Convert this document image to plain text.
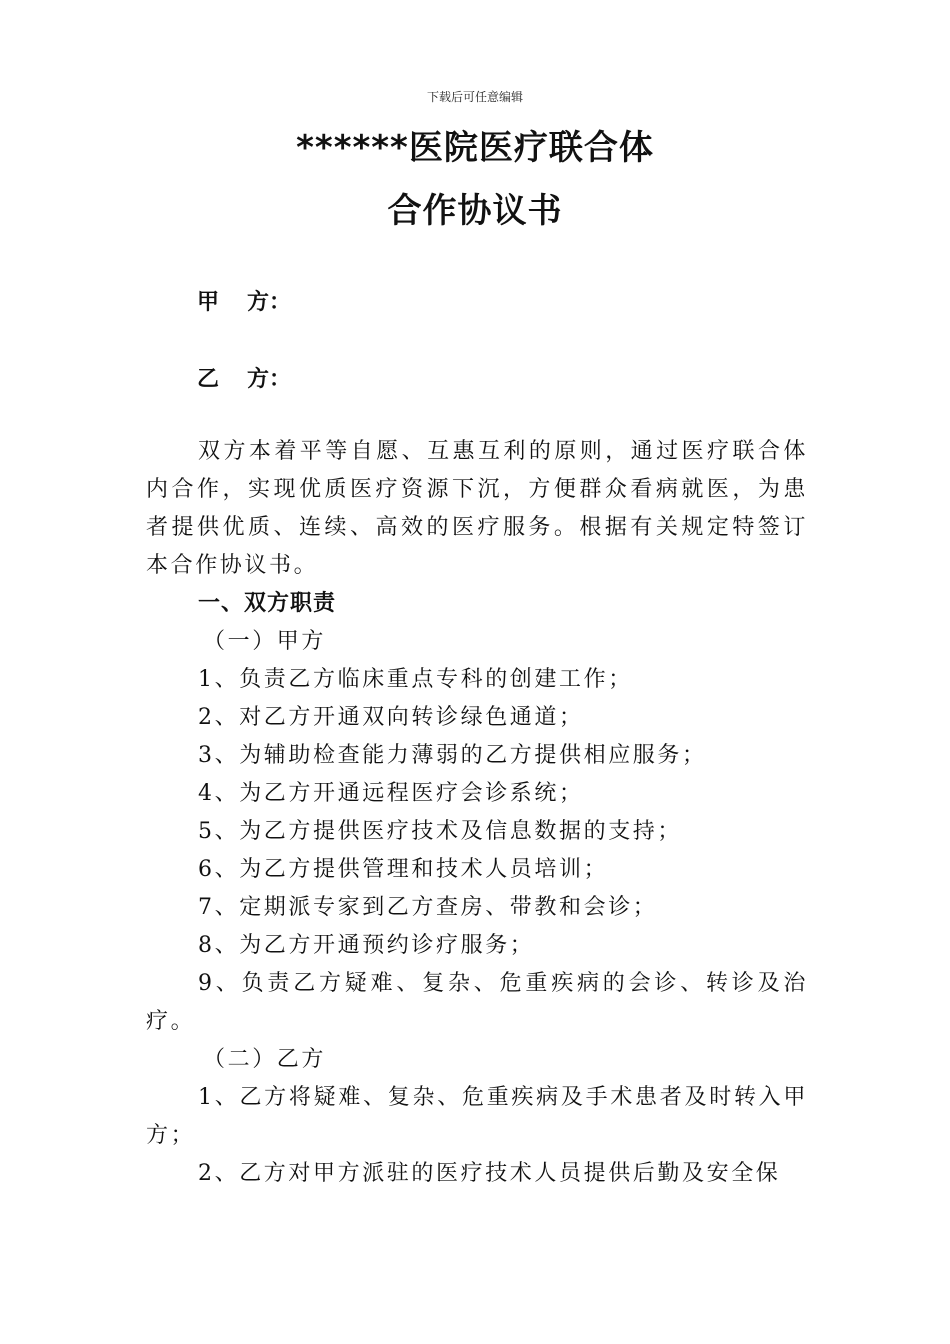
下载后可任意编辑
******医院医疗联合体
合作协议书
甲 方：
乙 方：

双方本着平等自愿、互惠互利的原则，通过医疗联合体内合作，实现优质医疗资源下沉，方便群众看病就医，为患者提供优质、连续、高效的医疗服务。根据有关规定特签订本合作协议书。

一、双方职责

（一）甲方

1、负责乙方临床重点专科的创建工作；

2、对乙方开通双向转诊绿色通道；

3、为辅助检查能力薄弱的乙方提供相应服务；

4、为乙方开通远程医疗会诊系统；

5、为乙方提供医疗技术及信息数据的支持；

6、为乙方提供管理和技术人员培训；

7、定期派专家到乙方查房、带教和会诊；

8、为乙方开通预约诊疗服务；

9、负责乙方疑难、复杂、危重疾病的会诊、转诊及治疗。

（二）乙方

1、乙方将疑难、复杂、危重疾病及手术患者及时转入甲方；

2、乙方对甲方派驻的医疗技术人员提供后勤及安全保
